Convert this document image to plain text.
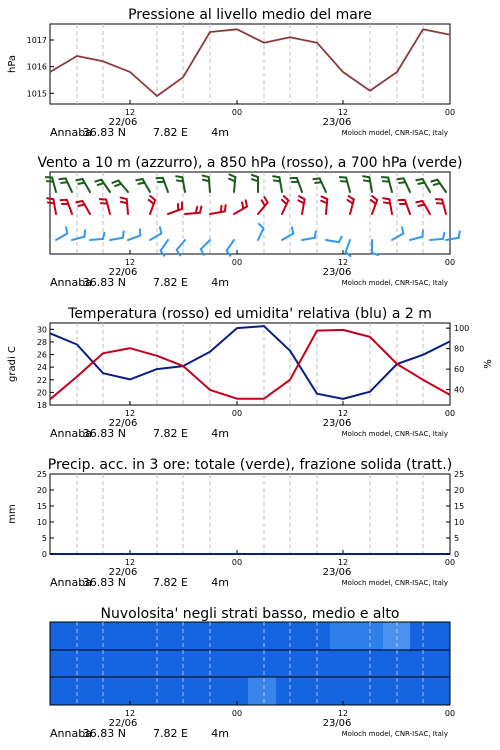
Pressione al livello medio del mare
1015
1016
1017
hPa
12	00	12	00
22/06	23/06
Annaba
36.83 N 7.82 E 4m	Moloch model, CNR-ISAC, Italy
Vento a 10 m (azzurro), a 850 hPa (rosso), a 700 hPa (verde)
12	00	12	00
22/06	23/06
Annaba
36.83 N 7.82 E 4m	Moloch model, CNR-ISAC, Italy
Temperatura (rosso) ed umidita' relativa (blu) a 2 m
18
20
22
24
26
28
30
40
60
80
100
gradi C	%
12	00	12	00
22/06	23/06
Annaba
36.83 N 7.82 E 4m	Moloch model, CNR-ISAC, Italy
Precip. acc. in 3 ore: totale (verde), frazione solida (tratt.)
0
5
10
15
20
25
0
5
10
15
20
25
mm
12	00	12	00
22/06	23/06
Annaba
36.83 N 7.82 E 4m	Moloch model, CNR-ISAC, Italy
Nuvolosita' negli strati basso, medio e alto
12	00	12	00
22/06	23/06
Annaba
36.83 N 7.82 E 4m	Moloch model, CNR-ISAC, Italy
